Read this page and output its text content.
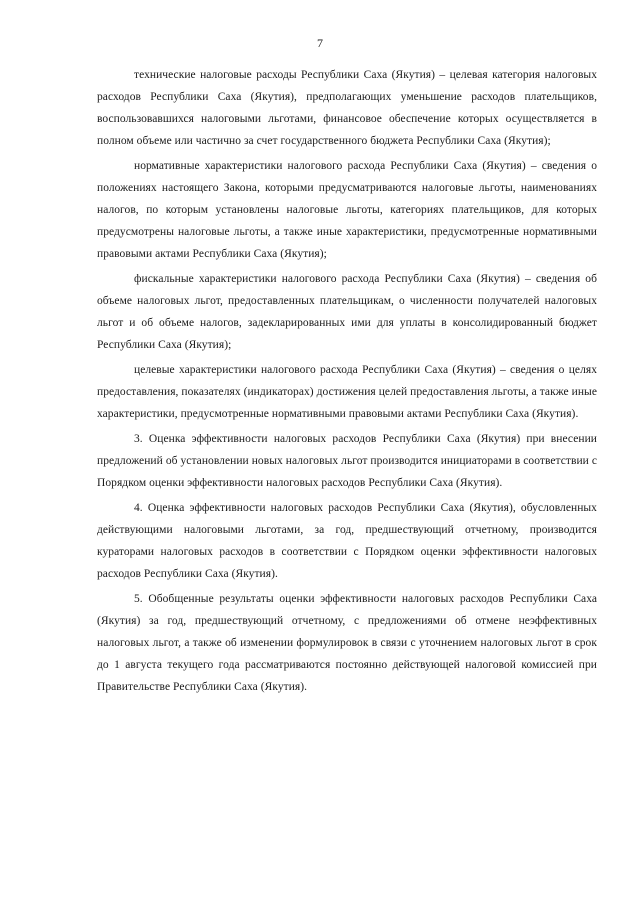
7

технические налоговые расходы Республики Саха (Якутия) – целевая категория налоговых расходов Республики Саха (Якутия), предполагающих уменьшение расходов плательщиков, воспользовавшихся налоговыми льготами, финансовое обеспечение которых осуществляется в полном объеме или частично за счет государственного бюджета Республики Саха (Якутия);

нормативные характеристики налогового расхода Республики Саха (Якутия) – сведения о положениях настоящего Закона, которыми предусматриваются налоговые льготы, наименованиях налогов, по которым установлены налоговые льготы, категориях плательщиков, для которых предусмотрены налоговые льготы, а также иные характеристики, предусмотренные нормативными правовыми актами Республики Саха (Якутия);

фискальные характеристики налогового расхода Республики Саха (Якутия) – сведения об объеме налоговых льгот, предоставленных плательщикам, о численности получателей налоговых льгот и об объеме налогов, задекларированных ими для уплаты в консолидированный бюджет Республики Саха (Якутия);

целевые характеристики налогового расхода Республики Саха (Якутия) – сведения о целях предоставления, показателях (индикаторах) достижения целей предоставления льготы, а также иные характеристики, предусмотренные нормативными правовыми актами Республики Саха (Якутия).

3. Оценка эффективности налоговых расходов Республики Саха (Якутия) при внесении предложений об установлении новых налоговых льгот производится инициаторами в соответствии с Порядком оценки эффективности налоговых расходов Республики Саха (Якутия).

4. Оценка эффективности налоговых расходов Республики Саха (Якутия), обусловленных действующими налоговыми льготами, за год, предшествующий отчетному, производится кураторами налоговых расходов в соответствии с Порядком оценки эффективности налоговых расходов Республики Саха (Якутия).

5. Обобщенные результаты оценки эффективности налоговых расходов Республики Саха (Якутия) за год, предшествующий отчетному, с предложениями об отмене неэффективных налоговых льгот, а также об изменении формулировок в связи с уточнением налоговых льгот в срок до 1 августа текущего года рассматриваются постоянно действующей налоговой комиссией при Правительстве Республики Саха (Якутия).
